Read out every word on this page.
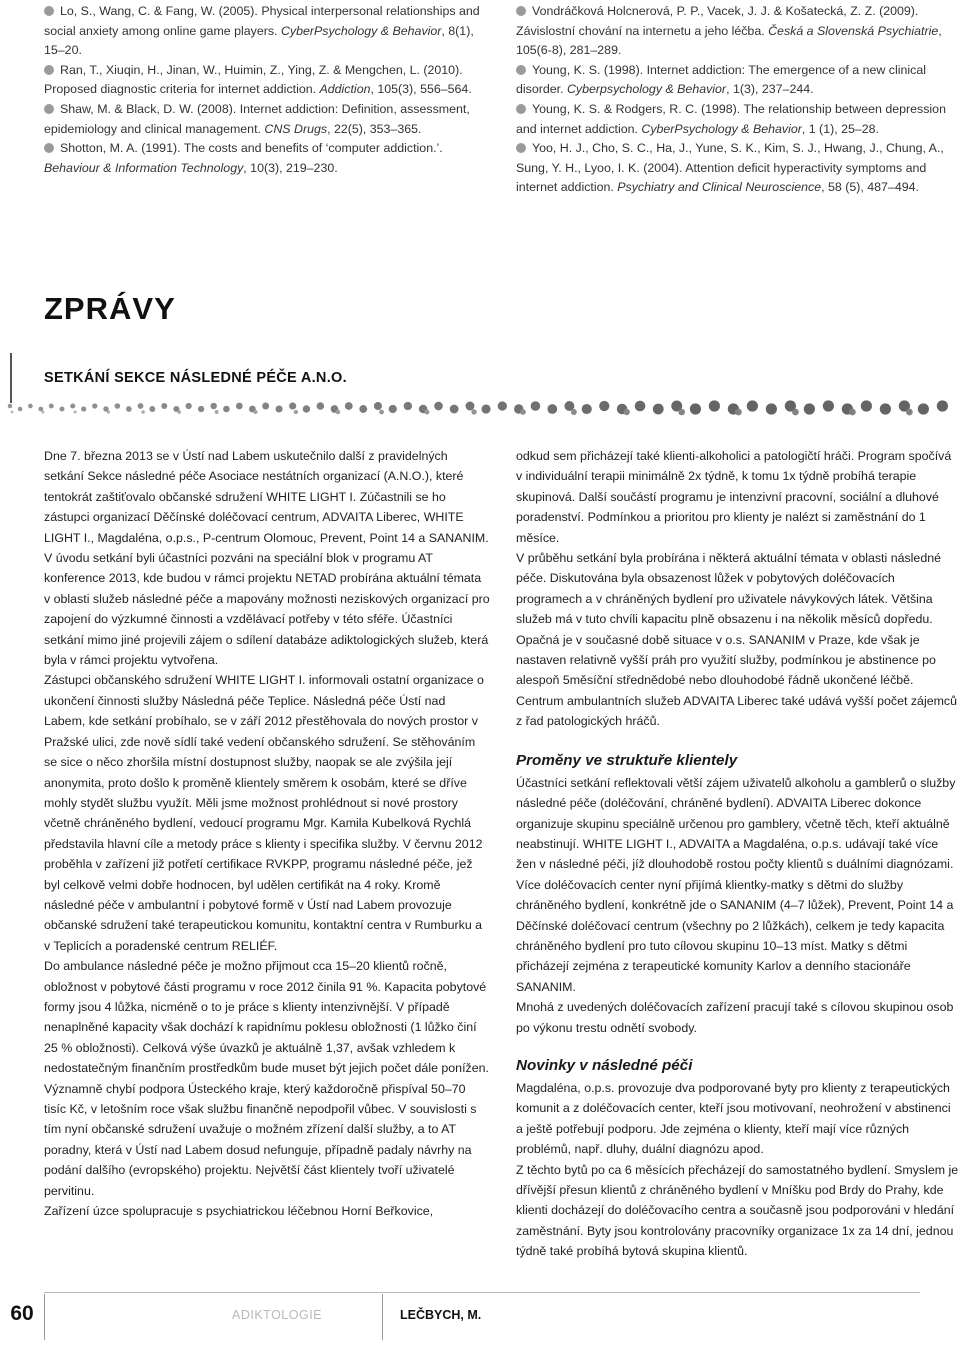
Lo, S., Wang, C. & Fang, W. (2005). Physical interpersonal relationships and social anxiety among online game players. CyberPsychology & Behavior, 8(1), 15–20.

Ran, T., Xiuqin, H., Jinan, W., Huimin, Z., Ying, Z. & Mengchen, L. (2010). Proposed diagnostic criteria for internet addiction. Addiction, 105(3), 556–564.

Shaw, M. & Black, D. W. (2008). Internet addiction: Definition, assessment, epidemiology and clinical management. CNS Drugs, 22(5), 353–365.

Shotton, M. A. (1991). The costs and benefits of ‘computer addiction.’. Behaviour & Information Technology, 10(3), 219–230.

Vondráčková Holcnerová, P. P., Vacek, J. J. & Košatecká, Z. Z. (2009). Závislostní chování na internetu a jeho léčba. Česká a Slovenská Psychiatrie, 105(6-8), 281–289.

Young, K. S. (1998). Internet addiction: The emergence of a new clinical disorder. Cyberpsychology & Behavior, 1(3), 237–244.

Young, K. S. & Rodgers, R. C. (1998). The relationship between depression and internet addiction. CyberPsychology & Behavior, 1 (1), 25–28.

Yoo, H. J., Cho, S. C., Ha, J., Yune, S. K., Kim, S. J., Hwang, J., Chung, A., Sung, Y. H., Lyoo, I. K. (2004). Attention deficit hyperactivity symptoms and internet addiction. Psychiatry and Clinical Neuroscience, 58 (5), 487–494.

ZPRÁVY
SETKÁNÍ SEKCE NÁSLEDNÉ PÉČE A.N.O.

Dne 7. března 2013 se v Ústí nad Labem uskutečnilo další z pravidelných setkání Sekce následné péče Asociace nestátních organizací (A.N.O.), které tentokrát zaštiťovalo občanské sdružení WHITE LIGHT I. Zúčastnili se ho zástupci organizací Děčínské doléčovací centrum, ADVAITA Liberec, WHITE LIGHT I., Magdaléna, o.p.s., P-centrum Olomouc, Prevent, Point 14 a SANANIM.

V úvodu setkání byli účastníci pozváni na speciální blok v programu AT konference 2013, kde budou v rámci projektu NETAD probírána aktuální témata v oblasti služeb následné péče a mapovány možnosti neziskových organizací pro zapojení do výzkumné činnosti a vzdělávací potřeby v této sféře. Účastníci setkání mimo jiné projevili zájem o sdílení databáze adiktologických služeb, která byla v rámci projektu vytvořena.

Zástupci občanského sdružení WHITE LIGHT I. informovali ostatní organizace o ukončení činnosti služby Následná péče Teplice. Následná péče Ústí nad Labem, kde setkání probíhalo, se v září 2012 přestěhovala do nových prostor v Pražské ulici, zde nově sídlí také vedení občanského sdružení. Se stěhováním se sice o něco zhoršila místní dostupnost služby, naopak se ale zvýšila její anonymita, proto došlo k proměně klientely směrem k osobám, které se dříve mohly stydět službu využít. Měli jsme možnost prohlédnout si nové prostory včetně chráněného bydlení, vedoucí programu Mgr. Kamila Kubelková Rychlá představila hlavní cíle a metody práce s klienty i specifika služby. V červnu 2012 proběhla v zařízení již potřetí certifikace RVKPP, programu následné péče, jež byl celkově velmi dobře hodnocen, byl udělen certifikát na 4 roky. Kromě následné péče v ambulantní i pobytové formě v Ústí nad Labem provozuje občanské sdružení také terapeutickou komunitu, kontaktní centra v Rumburku a v Teplicích a poradenské centrum RELIÉF.

Do ambulance následné péče je možno přijmout cca 15–20 klientů ročně, obložnost v pobytové části programu v roce 2012 činila 91 %. Kapacita pobytové formy jsou 4 lůžka, nicméně o to je práce s klienty intenzivnější. V případě nenaplněné kapacity však dochází k rapidnímu poklesu obložnosti (1 lůžko činí 25 % obložnosti). Celková výše úvazků je aktuálně 1,37, avšak vzhledem k nedostatečným finančním prostředkům bude muset být jejich počet dále ponížen. Významně chybí podpora Ústeckého kraje, který každoročně přispíval 50–70 tisíc Kč, v letošním roce však službu finančně nepodpořil vůbec. V souvislosti s tím nyní občanské sdružení uvažuje o možném zřízení další služby, a to AT poradny, která v Ústí nad Labem dosud nefunguje, případně padaly návrhy na podání dalšího (evropského) projektu. Největší část klientely tvoří uživatelé pervitinu.

Zařízení úzce spolupracuje s psychiatrickou léčebnou Horní Beřkovice,

odkud sem přicházejí také klienti-alkoholici a patologičtí hráči. Program spočívá v individuální terapii minimálně 2x týdně, k tomu 1x týdně probíhá terapie skupinová. Další součástí programu je intenzivní pracovní, sociální a dluhové poradenství. Podmínkou a prioritou pro klienty je nalézt si zaměstnání do 1 měsíce.

V průběhu setkání byla probírána i některá aktuální témata v oblasti následné péče. Diskutována byla obsazenost lůžek v pobytových doléčovacích programech a v chráněných bydlení pro uživatele návykových látek. Většina služeb má v tuto chvíli kapacitu plně obsazenu i na několik měsíců dopředu. Opačná je v současné době situace v o.s. SANANIM v Praze, kde však je nastaven relativně vyšší práh pro využití služby, podmínkou je abstinence po alespoň 5měsíční střednědobé nebo dlouhodobé řádně ukončené léčbě.

Centrum ambulantních služeb ADVAITA Liberec také udává vyšší počet zájemců z řad patologických hráčů.

Proměny ve struktuře klientely

Účastníci setkání reflektovali větší zájem uživatelů alkoholu a gamblerů o služby následné péče (doléčování, chráněné bydlení). ADVAITA Liberec dokonce organizuje skupinu speciálně určenou pro gamblery, včetně těch, kteří aktuálně neabstinují. WHITE LIGHT I., ADVAITA a Magdaléna, o.p.s. udávají také více žen v následné péči, jíž dlouhodobě rostou počty klientů s duálními diagnózami. Více doléčovacích center nyní přijímá klientky-matky s dětmi do služby chráněného bydlení, konkrétně jde o SANANIM (4–7 lůžek), Prevent, Point 14 a Děčínské doléčovací centrum (všechny po 2 lůžkách), celkem je tedy kapacita chráněného bydlení pro tuto cílovou skupinu 10–13 míst. Matky s dětmi přicházejí zejména z terapeutické komunity Karlov a denního stacionáře SANANIM.

Mnohá z uvedených doléčovacích zařízení pracují také s cílovou skupinou osob po výkonu trestu odnětí svobody.

Novinky v následné péči

Magdaléna, o.p.s. provozuje dva podporované byty pro klienty z terapeutických komunit a z doléčovacích center, kteří jsou motivovaní, neohrožení v abstinenci a ještě potřebují podporu. Jde zejména o klienty, kteří mají více různých problémů, např. dluhy, duální diagnózu apod.

Z těchto bytů po ca 6 měsících přecházejí do samostatného bydlení. Smyslem je dřívější přesun klientů z chráněného bydlení v Mníšku pod Brdy do Prahy, kde klienti docházejí do doléčovacího centra a současně jsou podporováni v hledání zaměstnání. Byty jsou kontrolovány pracovníky organizace 1x za 14 dní, jednou týdně také probíhá bytová skupina klientů.

60	ADIKTOLOGIE	LEČBYCH, M.
